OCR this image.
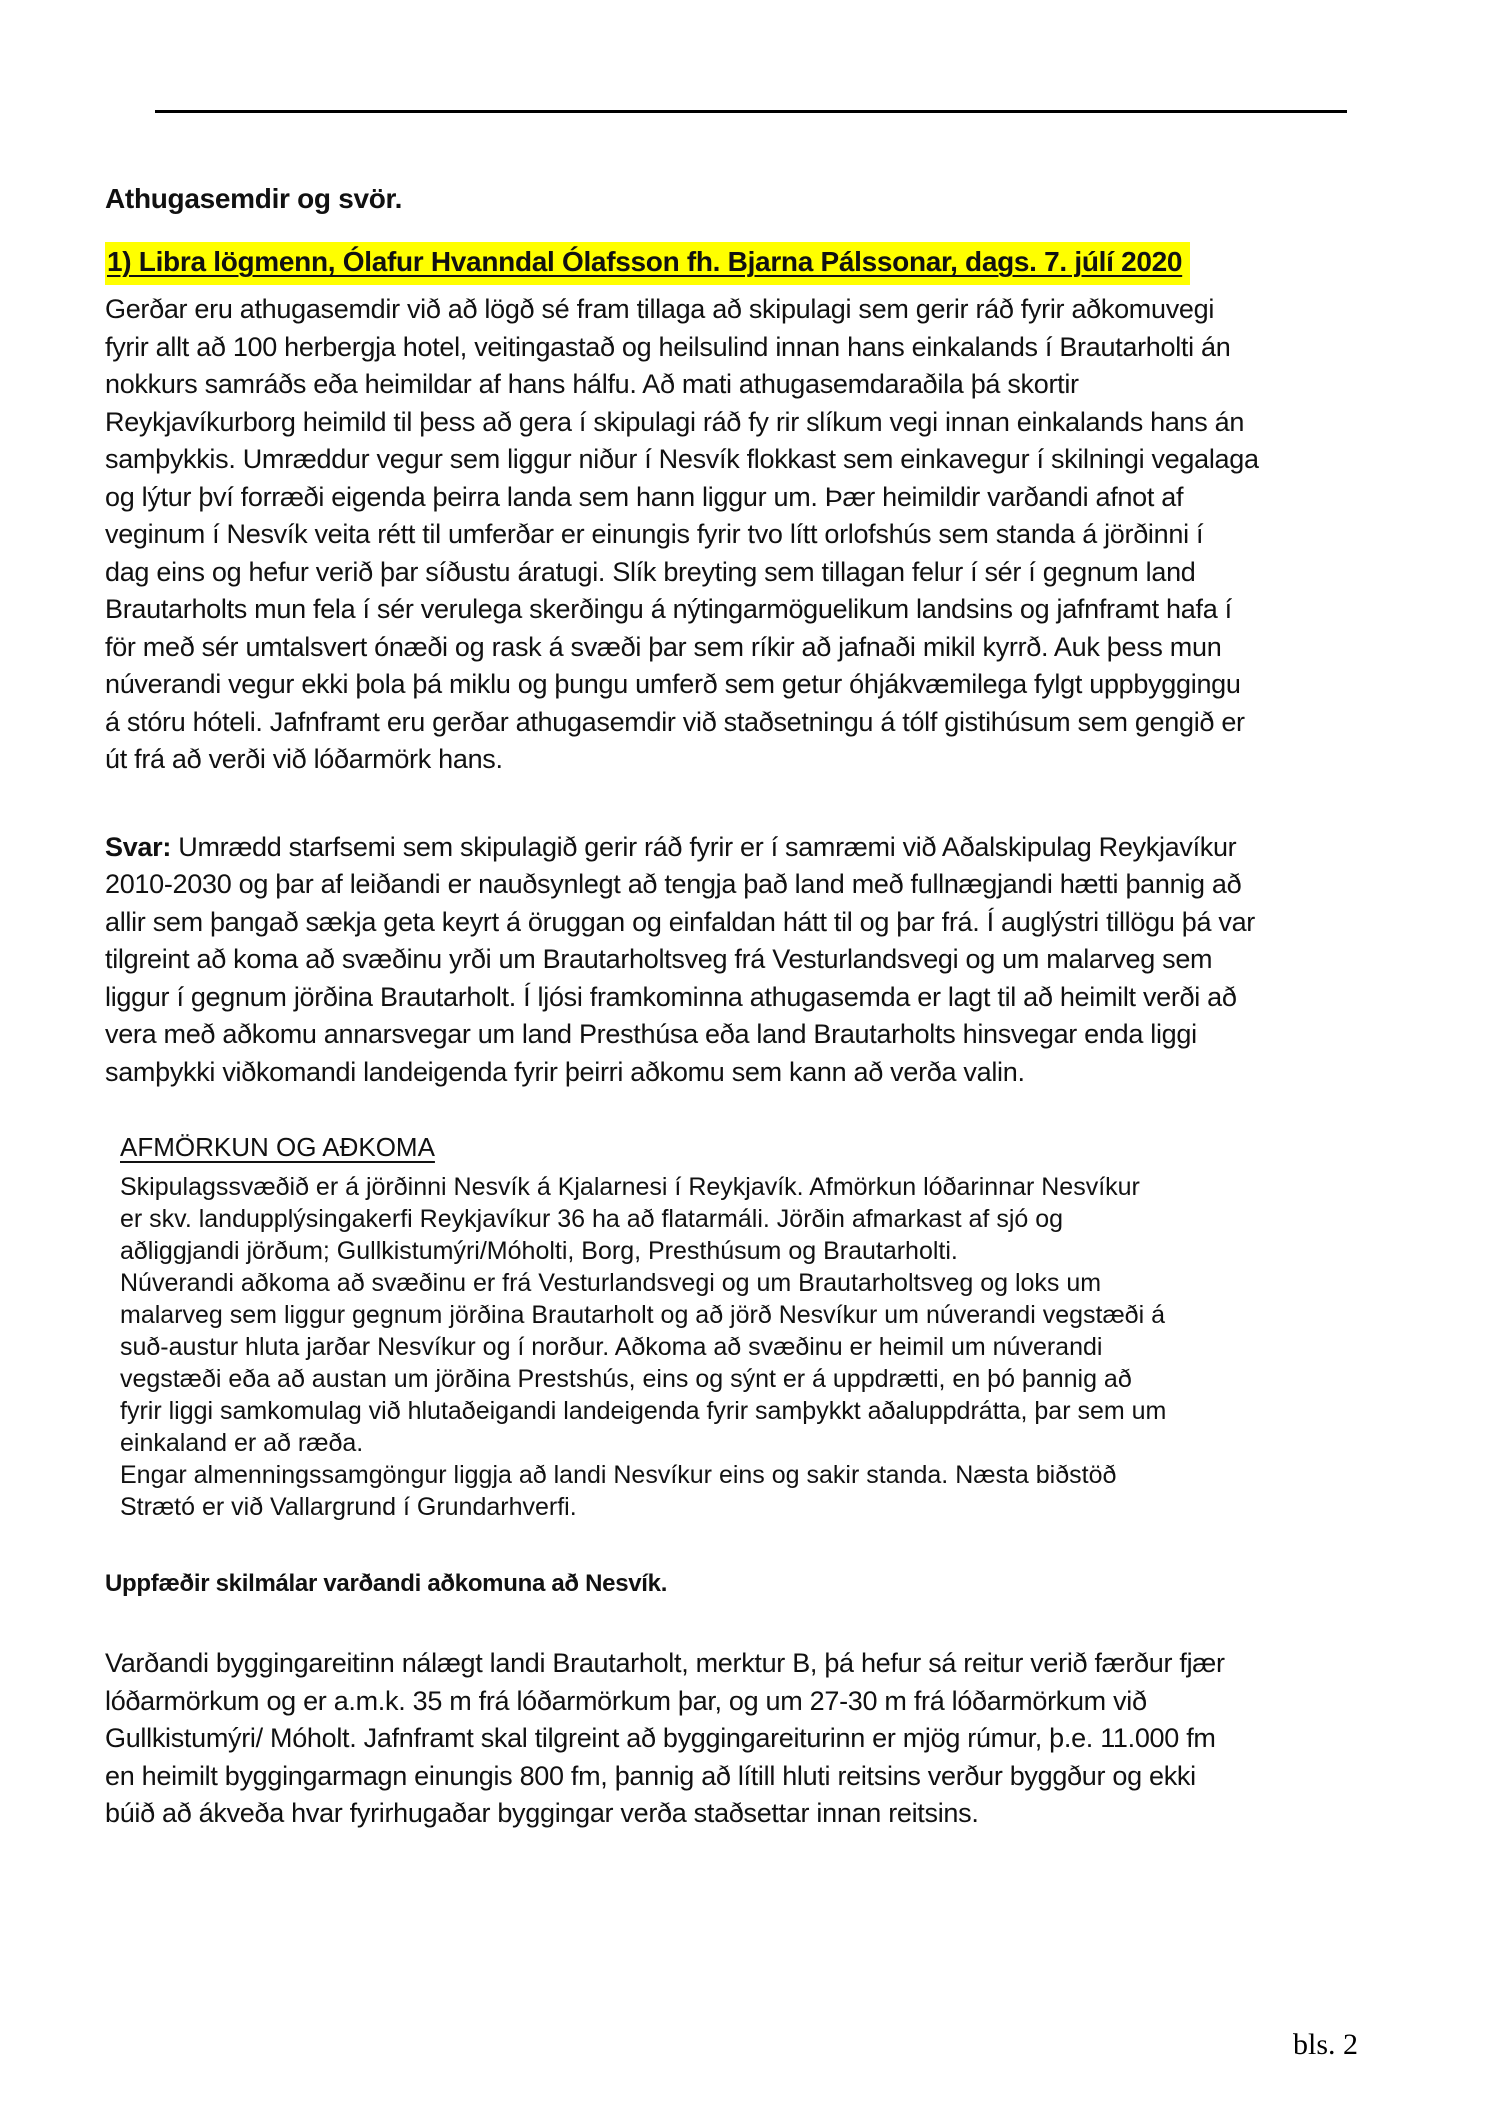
Athugasemdir og svör.
1) Libra lögmenn, Ólafur Hvanndal Ólafsson fh. Bjarna Pálssonar, dags. 7. júlí 2020
Gerðar eru athugasemdir við að lögð sé fram tillaga að skipulagi sem gerir ráð fyrir aðkomuvegi
fyrir allt að 100 herbergja hotel, veitingastað og heilsulind innan hans einkalands í Brautarholti án
nokkurs samráðs eða heimildar af hans hálfu. Að mati athugasemdaraðila þá skortir
Reykjavíkurborg heimild til þess að gera í skipulagi ráð fy rir slíkum vegi innan einkalands hans án
samþykkis. Umræddur vegur sem liggur niður í Nesvík flokkast sem einkavegur í skilningi vegalaga
og lýtur því forræði eigenda þeirra landa sem hann liggur um. Þær heimildir varðandi afnot af
veginum í Nesvík veita rétt til umferðar er einungis fyrir tvo lítt orlofshús sem standa á jörðinni í
dag eins og hefur verið þar síðustu áratugi. Slík breyting sem tillagan felur í sér í gegnum land
Brautarholts mun fela í sér verulega skerðingu á nýtingarmöguelikum landsins og jafnframt hafa í
för með sér umtalsvert ónæði og rask á svæði þar sem ríkir að jafnaði mikil kyrrð. Auk þess mun
núverandi vegur ekki þola þá miklu og þungu umferð sem getur óhjákvæmilega fylgt uppbyggingu
á stóru hóteli. Jafnframt eru gerðar athugasemdir við staðsetningu á tólf gistihúsum sem gengið er
út frá að verði við lóðarmörk hans.
Svar: Umrædd starfsemi sem skipulagið gerir ráð fyrir er í samræmi við Aðalskipulag Reykjavíkur
2010-2030 og þar af leiðandi er nauðsynlegt að tengja það land með fullnægjandi hætti þannig að
allir sem þangað sækja geta keyrt á öruggan og einfaldan hátt til og þar frá. Í auglýstri tillögu þá var
tilgreint að koma að svæðinu yrði um Brautarholtsveg frá Vesturlandsvegi og um malarveg sem
liggur í gegnum jörðina Brautarholt. Í ljósi framkominna athugasemda er lagt til að heimilt verði að
vera með aðkomu annarsvegar um land Presthúsa eða land Brautarholts hinsvegar enda liggi
samþykki viðkomandi landeigenda fyrir þeirri aðkomu sem kann að verða valin.
AFMÖRKUN OG AÐKOMA
Skipulagssvæðið er á jörðinni Nesvík á Kjalarnesi í Reykjavík. Afmörkun lóðarinnar Nesvíkur
er skv. landupplýsingakerfi Reykjavíkur 36 ha að flatarmáli. Jörðin afmarkast af sjó og
aðliggjandi jörðum; Gullkistumýri/Móholti, Borg, Presthúsum og Brautarholti.
Núverandi aðkoma að svæðinu er frá Vesturlandsvegi og um Brautarholtsveg og loks um
malarveg sem liggur gegnum jörðina Brautarholt og að jörð Nesvíkur um núverandi vegstæði á
suð-austur hluta jarðar Nesvíkur og í norður. Aðkoma að svæðinu er heimil um núverandi
vegstæði eða að austan um jörðina Prestshús, eins og sýnt er á uppdrætti, en þó þannig að
fyrir liggi samkomulag við hlutaðeigandi landeigenda fyrir samþykkt aðaluppdrátta, þar sem um
einkaland er að ræða.
Engar almenningssamgöngur liggja að landi Nesvíkur eins og sakir standa. Næsta biðstöð
Strætó er við Vallargrund í Grundarhverfi.
Uppfæðir skilmálar varðandi aðkomuna að Nesvík.
Varðandi byggingareitinn nálægt landi Brautarholt, merktur B, þá hefur sá reitur verið færður fjær
lóðarmörkum og er a.m.k. 35 m frá lóðarmörkum þar, og um 27-30 m frá lóðarmörkum við
Gullkistumýri/ Móholt. Jafnframt skal tilgreint að byggingareiturinn er mjög rúmur, þ.e. 11.000 fm
en heimilt byggingarmagn einungis 800 fm, þannig að lítill hluti reitsins verður byggður og ekki
búið að ákveða hvar fyrirhugaðar byggingar verða staðsettar innan reitsins.
bls. 2
